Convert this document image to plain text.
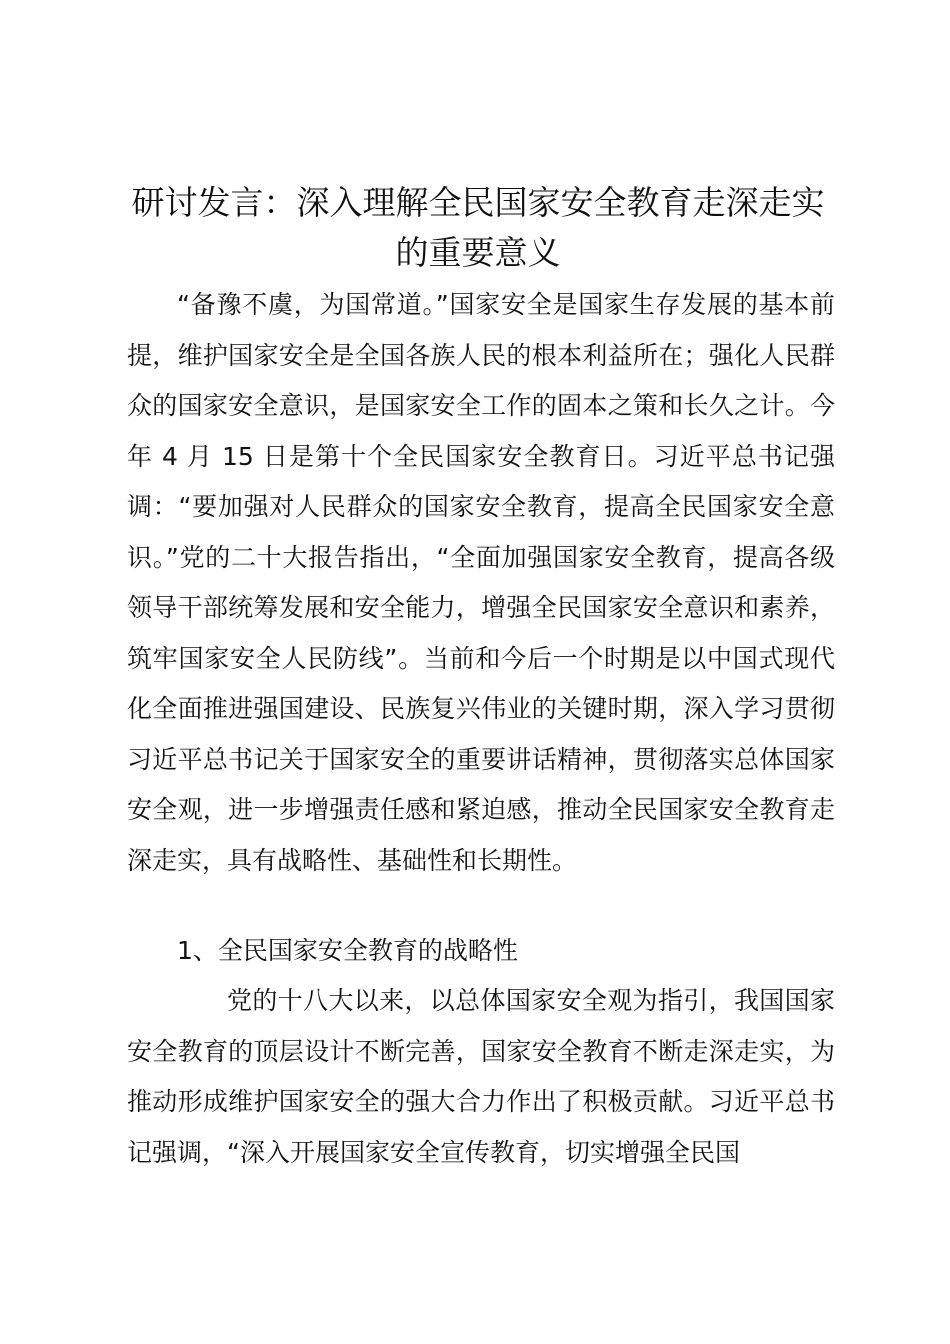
研讨发言：深入理解全民国家安全教育走深走实的重要意义

“备豫不虞，为国常道。”国家安全是国家生存发展的基本前提，维护国家安全是全国各族人民的根本利益所在；强化人民群众的国家安全意识，是国家安全工作的固本之策和长久之计。今年 4 月 15 日是第十个全民国家安全教育日。习近平总书记强调：“要加强对人民群众的国家安全教育，提高全民国家安全意识。”党的二十大报告指出，“全面加强国家安全教育，提高各级领导干部统筹发展和安全能力，增强全民国家安全意识和素养，筑牢国家安全人民防线”。当前和今后一个时期是以中国式现代化全面推进强国建设、民族复兴伟业的关键时期，深入学习贯彻习近平总书记关于国家安全的重要讲话精神，贯彻落实总体国家安全观，进一步增强责任感和紧迫感，推动全民国家安全教育走深走实，具有战略性、基础性和长期性。

1、全民国家安全教育的战略性

党的十八大以来，以总体国家安全观为指引，我国国家安全教育的顶层设计不断完善，国家安全教育不断走深走实，为推动形成维护国家安全的强大合力作出了积极贡献。习近平总书记强调，“深入开展国家安全宣传教育，切实增强全民国
